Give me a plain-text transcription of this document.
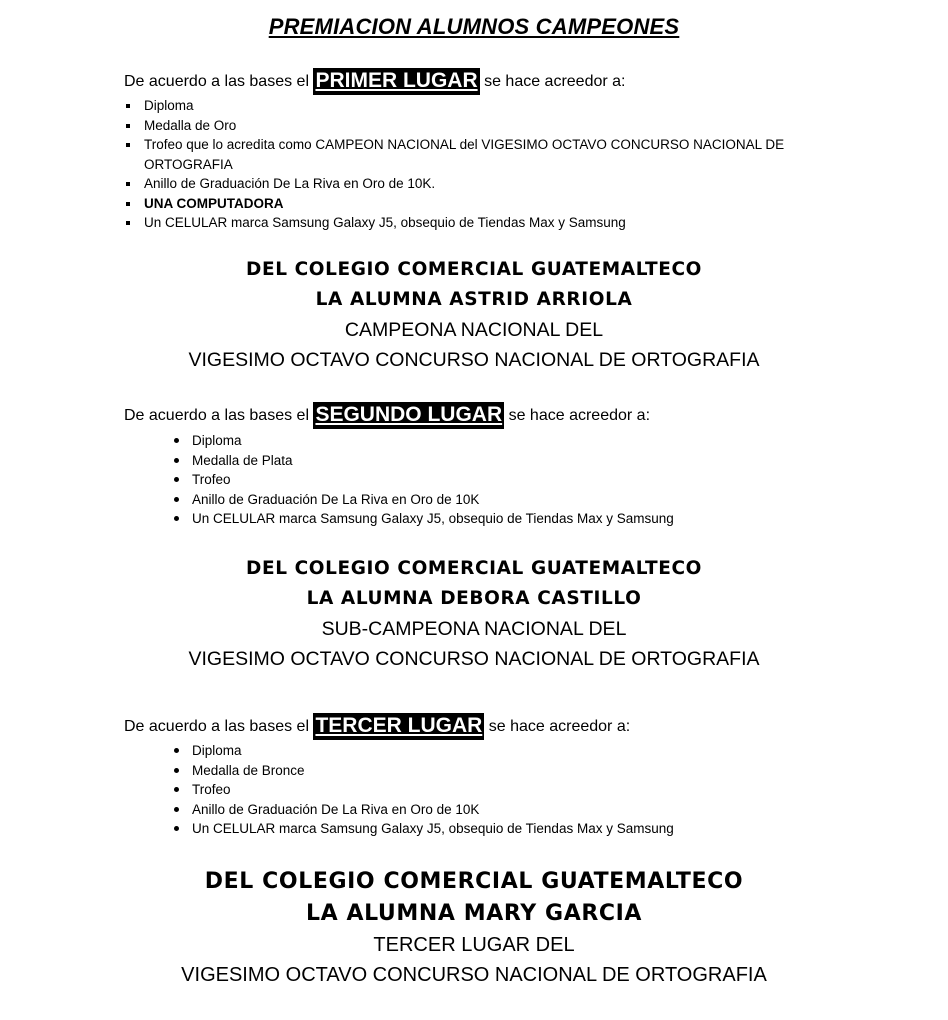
PREMIACION ALUMNOS CAMPEONES
De acuerdo a las bases el PRIMER LUGAR se hace acreedor a:
Diploma
Medalla de Oro
Trofeo que lo acredita como CAMPEON NACIONAL del VIGESIMO OCTAVO CONCURSO NACIONAL DE
ORTOGRAFIA
Anillo de Graduación De La Riva en Oro de 10K.
UNA COMPUTADORA
Un CELULAR marca Samsung Galaxy J5, obsequio de Tiendas Max y Samsung
DEL COLEGIO COMERCIAL GUATEMALTECO
LA ALUMNA ASTRID ARRIOLA
CAMPEONA NACIONAL DEL
VIGESIMO OCTAVO CONCURSO NACIONAL DE ORTOGRAFIA
De acuerdo a las bases el SEGUNDO LUGAR se hace acreedor a:
Diploma
Medalla de Plata
Trofeo
Anillo de Graduación De La Riva en Oro de 10K
Un CELULAR marca Samsung Galaxy J5, obsequio de Tiendas Max y Samsung
DEL COLEGIO COMERCIAL GUATEMALTECO
LA ALUMNA DEBORA CASTILLO
SUB-CAMPEONA NACIONAL DEL
VIGESIMO OCTAVO CONCURSO NACIONAL DE ORTOGRAFIA
De acuerdo a las bases el TERCER LUGAR se hace acreedor a:
Diploma
Medalla de Bronce
Trofeo
Anillo de Graduación De La Riva en Oro de 10K
Un CELULAR marca Samsung Galaxy J5, obsequio de Tiendas Max y Samsung
DEL COLEGIO COMERCIAL GUATEMALTECO
LA ALUMNA MARY GARCIA
TERCER LUGAR DEL
VIGESIMO OCTAVO CONCURSO NACIONAL DE ORTOGRAFIA
